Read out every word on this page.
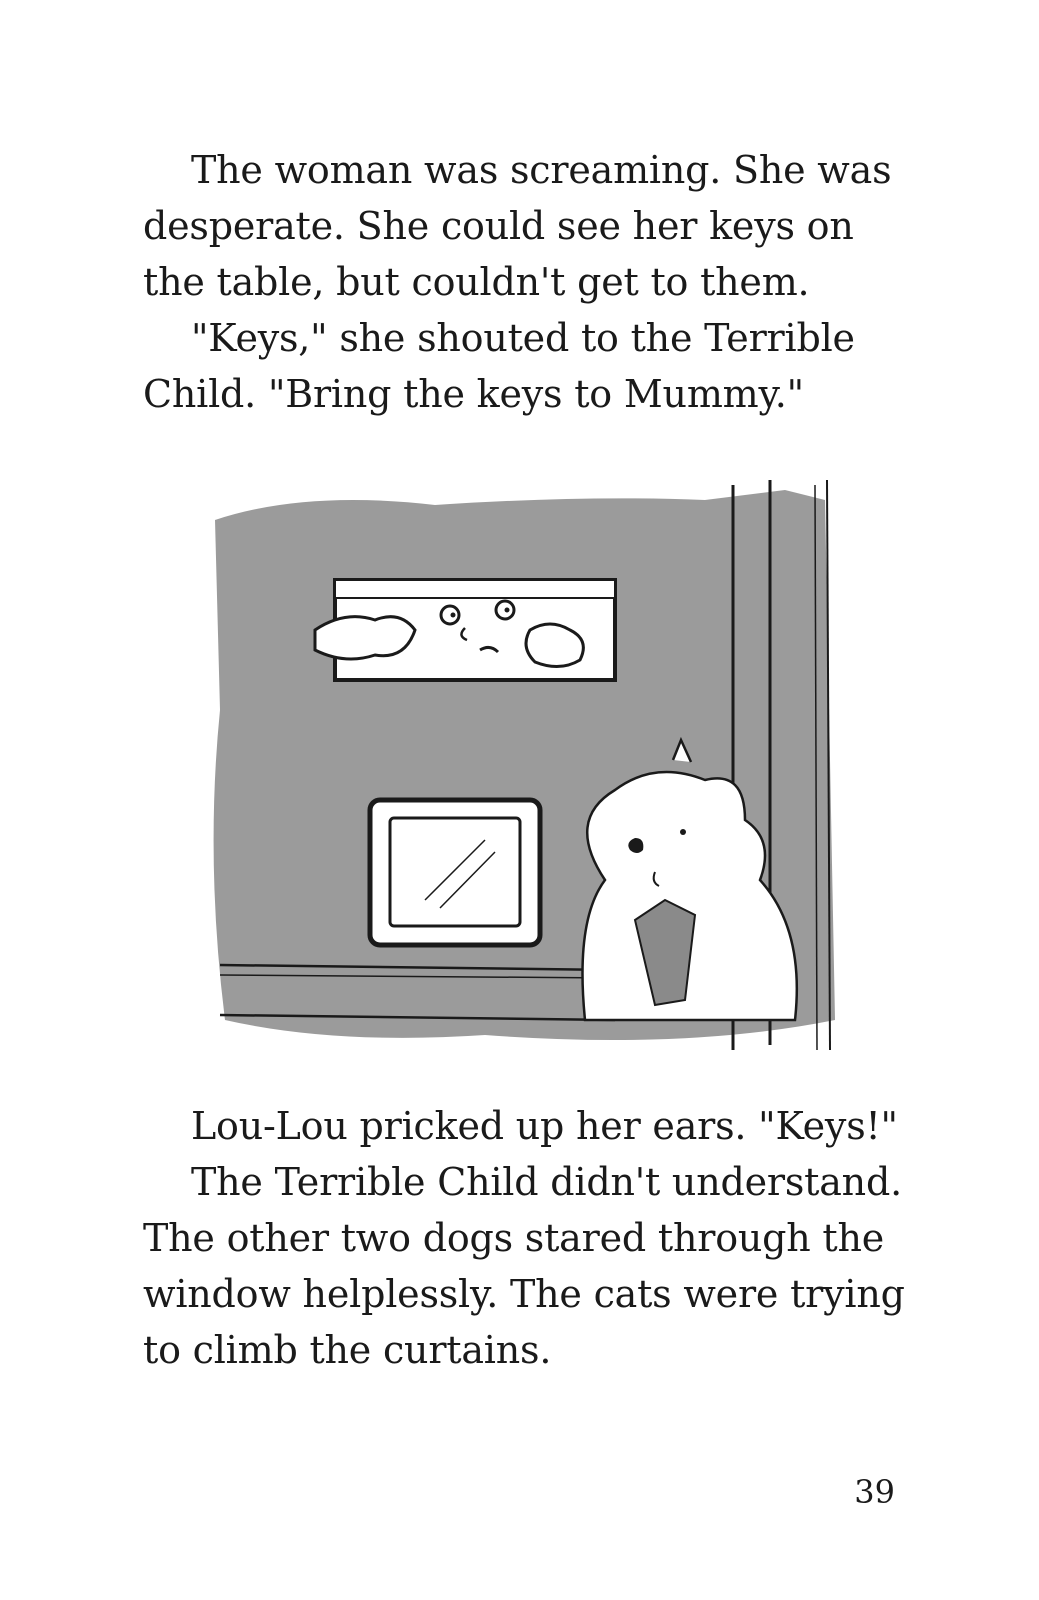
The woman was screaming. She was desperate. She could see her keys on the table, but couldn't get to them.

"Keys," she shouted to the Terrible Child. "Bring the keys to Mummy."

Lou-Lou pricked up her ears. "Keys!"

The Terrible Child didn't understand. The other two dogs stared through the window helplessly. The cats were trying to climb the curtains.

39
